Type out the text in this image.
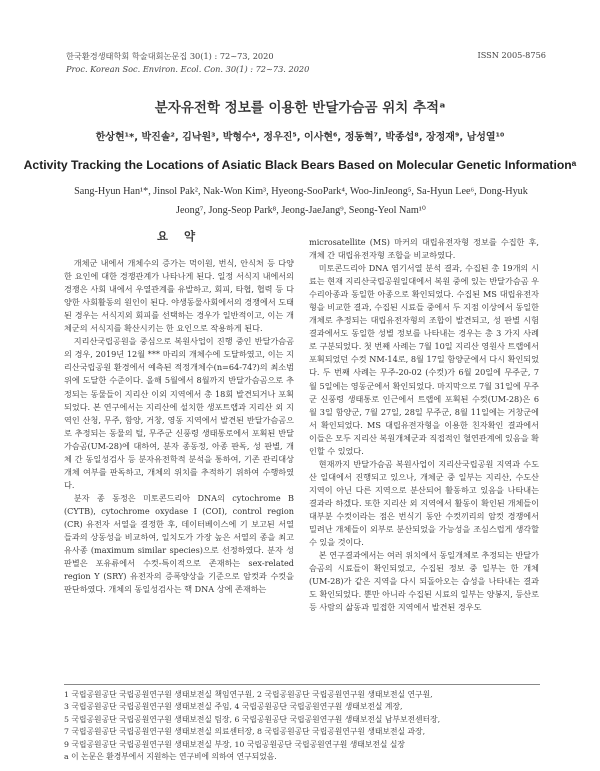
한국환경생태학회 학술대회논문집 30(1) : 72~73, 2020
Proc. Korean Soc. Environ. Ecol. Con. 30(1) : 72~73. 2020
ISSN 2005-8756
분자유전학 정보를 이용한 반달가슴곰 위치 추적ᵃ
한상현¹*, 박진솔², 김낙원³, 박형수⁴, 정우진⁵, 이사현⁶, 정동혁⁷, 박종섭⁸, 장정재⁹, 남성열¹⁰
Activity Tracking the Locations of Asiatic Black Bears Based on Molecular Genetic Informationᵃ
Sang-Hyun Han¹*, Jinsol Pak², Nak-Won Kim³, Hyeong-SooPark⁴, Woo-JinJeong⁵, Sa-Hyun Lee⁶, Dong-Hyuk Jeong⁷, Jong-Seop Park⁸, Jeong-JaeJang⁹, Seong-Yeol Nam¹⁰
요 약

개체군 내에서 개체수의 증가는 먹이원, 번식, 안식처 등 다양한 요인에 대한 경쟁관계가 나타나게 된다. 일정 서식지 내에서의 경쟁은 사회 내에서 우열관계를 유발하고, 회피, 타협, 협력 등 다양한 사회활동의 원인이 된다. 야생동물사회에서의 경쟁에서 도태된 경우는 서식지외 회피를 선택하는 경우가 일반적이고, 이는 개체군의 서식지를 확산시키는 한 요인으로 작용하게 된다.

지리산국립공원을 중심으로 복원사업이 진행 중인 반달가슴곰의 경우, 2019년 12월 *** 마리의 개체수에 도달하였고, 이는 지리산국립공원 환경에서 예측된 적정개체수(n=64-74?)의 최소범위에 도달한 수준이다. 올해 5월에서 8월까지 반달가슴곰으로 추정되는 동물들이 지리산 이외 지역에서 총 18회 발견되거나 포획되었다. 본 연구에서는 지리산에 설치한 생포트랩과 지리산 외 지역인 산청, 무주, 함양, 거창, 영동 지역에서 발견된 반달가슴곰으로 추정되는 동물의 털, 무주군 신풍령 생태통로에서 포획된 반달가슴곰(UM-28)에 대하여, 분자 종동정, 아종 판독, 성 판별, 개체 간 동일성검사 등 분자유전학적 분석을 통하여, 기존 관리대상 개체 여부를 판독하고, 개체의 위치를 추적하기 위하여 수행하였다.

분자 종 동정은 미토콘드리아 DNA의 cytochrome B (CYTB), cytochrome oxydase I (COI), control region (CR) 유전자 서열을 결정한 후, 데이터베이스에 기 보고된 서열들과의 상동성을 비교하여, 일치도가 가장 높은 서열의 종을 최고유사종 (maximum similar species)으로 선정하였다. 분자 성판별은 포유류에서 수컷-특이적으로 존재하는 sex-related region Y (SRY) 유전자의 증폭양상을 기준으로 암컷과 수컷을 판단하였다. 개체의 동일성검사는 핵 DNA 상에 존재하는

microsatellite (MS) 마커의 대립유전자형 정보를 수집한 후, 개체 간 대립유전자형 조합을 비교하였다.

미토콘드리아 DNA 염기서열 분석 결과, 수집된 총 19개의 시료는 현재 지리산국립공원일대에서 복원 중에 있는 반달가슴곰 우수리아종과 동일한 아종으로 확인되었다. 수집된 MS 대립유전자형을 비교한 결과, 수집된 시료들 중에서 두 지점 이상에서 동일한 개체로 추정되는 대립유전자형의 조합이 발견되고, 성 판별 시험결과에서도 동일한 성별 정보를 나타내는 경우는 총 3 가지 사례로 구분되었다. 첫 번째 사례는 7월 10일 지리산 영원사 트랩에서 포획되었던 수컷 NM-14로, 8월 17일 함양군에서 다시 확인되었다. 두 번째 사례는 무주-20-02 (수컷)가 6월 20일에 무주군, 7월 5일에는 영동군에서 확인되었다. 마지막으로 7월 31일에 무주군 신풍령 생태통로 인근에서 트랩에 포획된 수컷(UM-28)은 6월 3일 함양군, 7월 27일, 28일 무주군, 8월 11일에는 거창군에서 확인되었다. MS 대립유전자형을 이용한 친자확인 결과에서 이들은 모두 지리산 복원개체군과 직접적인 혈연관계에 있음을 확인할 수 있었다.

현재까지 반달가슴곰 복원사업이 지리산국립공원 지역과 수도산 일대에서 진행되고 있으나, 개체군 중 일부는 지리산, 수도산 지역이 아닌 다른 지역으로 분산되어 활동하고 있음을 나타내는 결과라 하겠다. 또한 지리산 외 지역에서 활동이 확인된 개체들이 대부분 수컷이라는 점은 번식기 동안 수컷끼리의 암컷 경쟁에서 밀려난 개체들이 외부로 분산되었을 가능성을 조심스럽게 생각할 수 있을 것이다.

본 연구결과에서는 여러 위치에서 동일개체로 추정되는 반달가슴곰의 시료들이 확인되었고, 수집된 정보 중 일부는 한 개체(UM-28)가 같은 지역을 다시 되돌아오는 습성을 나타내는 결과도 확인되었다. 뿐만 아니라 수집된 시료의 일부는 양봉지, 등산로 등 사람의 삶동과 밀접한 지역에서 발견된 경우도

1 국립공원공단 국립공원연구원 생태보전실 책임연구원, 2 국립공원공단 국립공원연구원 생태보전실 연구원,
3 국립공원공단 국립공원연구원 생태보전실 주임, 4 국립공원공단 국립공원연구원 생태보전실 계장,
5 국립공원공단 국립공원연구원 생태보전실 팀장, 6 국립공원공단 국립공원연구원 생태보전실 남부보전센터장,
7 국립공원공단 국립공원연구원 생태보전실 의료센터장, 8 국립공원공단 국립공원연구원 생태보전실 과장,
9 국립공원공단 국립공원연구원 생태보전실 부장, 10 국립공원공단 국립공원연구원 생태보전실 실장
a 이 논문은 환경부에서 지원하는 연구비에 의하여 연구되었음.
